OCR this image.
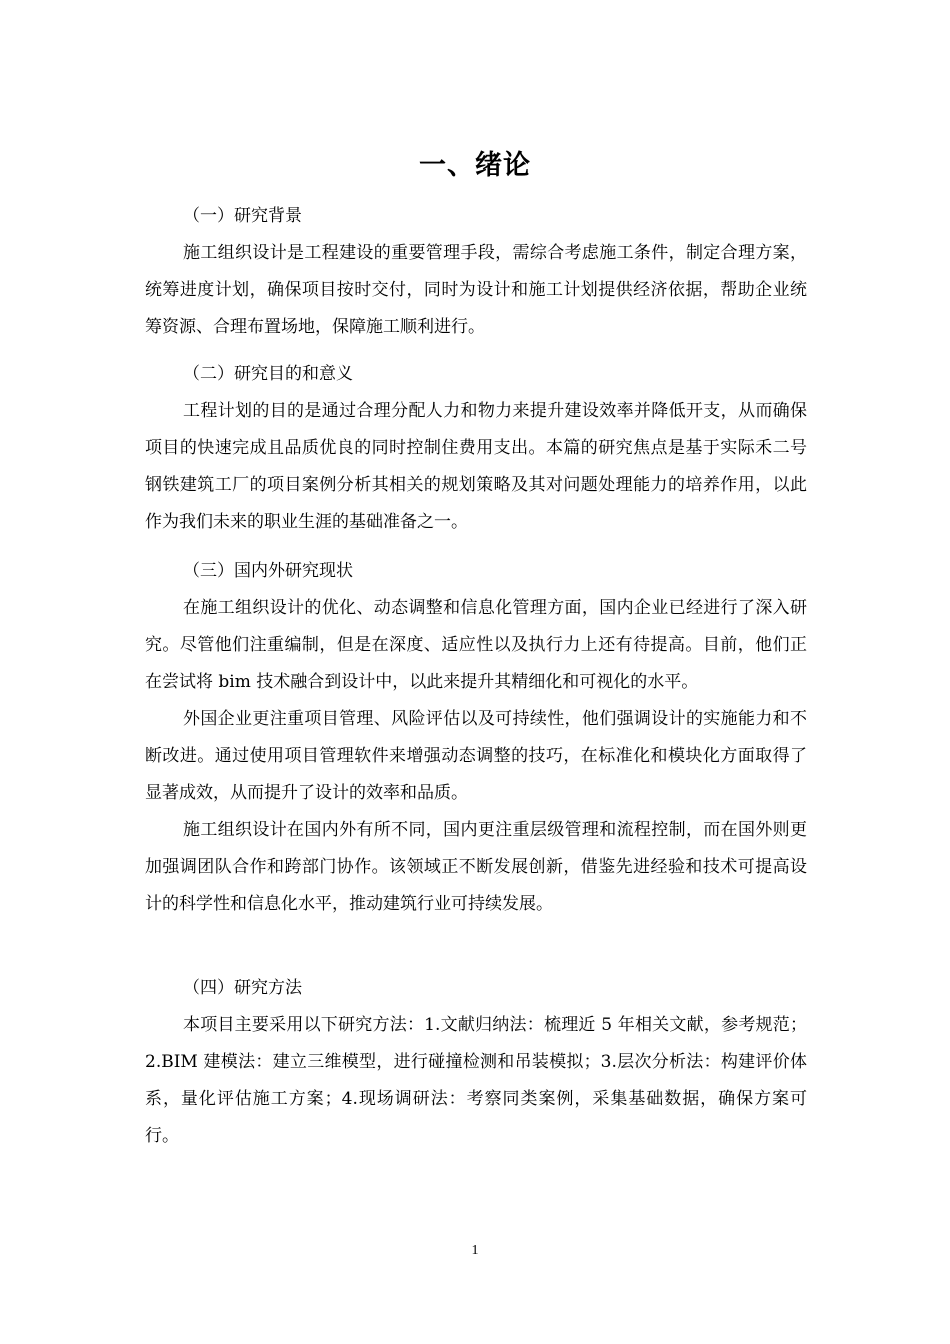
一、绪论
（一）研究背景

施工组织设计是工程建设的重要管理手段，需综合考虑施工条件，制定合理方案，统筹进度计划，确保项目按时交付，同时为设计和施工计划提供经济依据，帮助企业统筹资源、合理布置场地，保障施工顺利进行。

（二）研究目的和意义

工程计划的目的是通过合理分配人力和物力来提升建设效率并降低开支，从而确保项目的快速完成且品质优良的同时控制住费用支出。本篇的研究焦点是基于实际禾二号钢铁建筑工厂的项目案例分析其相关的规划策略及其对问题处理能力的培养作用，以此作为我们未来的职业生涯的基础准备之一。

（三）国内外研究现状

在施工组织设计的优化、动态调整和信息化管理方面，国内企业已经进行了深入研究。尽管他们注重编制，但是在深度、适应性以及执行力上还有待提高。目前，他们正在尝试将 bim 技术融合到设计中，以此来提升其精细化和可视化的水平。

外国企业更注重项目管理、风险评估以及可持续性，他们强调设计的实施能力和不断改进。通过使用项目管理软件来增强动态调整的技巧，在标准化和模块化方面取得了显著成效，从而提升了设计的效率和品质。

施工组织设计在国内外有所不同，国内更注重层级管理和流程控制，而在国外则更加强调团队合作和跨部门协作。该领域正不断发展创新，借鉴先进经验和技术可提高设计的科学性和信息化水平，推动建筑行业可持续发展。

（四）研究方法

本项目主要采用以下研究方法：1.文献归纳法：梳理近 5 年相关文献，参考规范；2.BIM 建模法：建立三维模型，进行碰撞检测和吊装模拟；3.层次分析法：构建评价体系，量化评估施工方案；4.现场调研法：考察同类案例，采集基础数据，确保方案可行。

1
